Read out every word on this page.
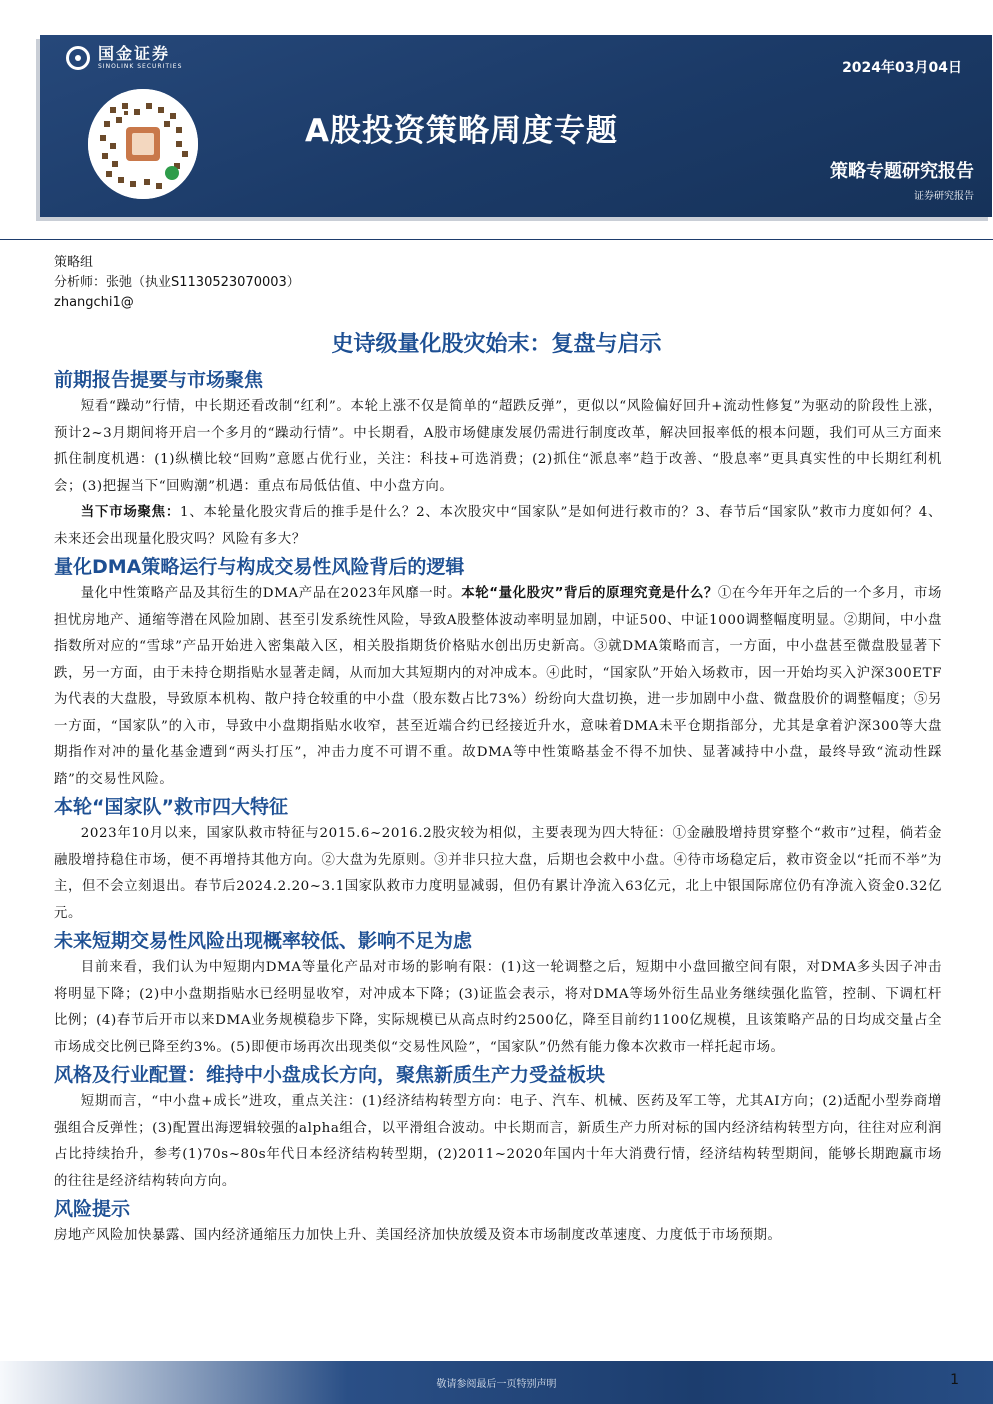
国金证券
SINOLINK SECURITIES	2024年03月04日
A股投资策略周度专题
策略专题研究报告
证券研究报告
策略组
分析师：张弛（执业S1130523070003）
zhangchi1@
史诗级量化股灾始末：复盘与启示
前期报告提要与市场聚焦
短看“躁动”行情，中长期还看改制“红利”。本轮上涨不仅是简单的“超跌反弹”，更似以“风险偏好回升+流动性修复”为驱动的阶段性上涨，预计2~3月期间将开启一个多月的“躁动行情”。中长期看，A股市场健康发展仍需进行制度改革，解决回报率低的根本问题，我们可从三方面来抓住制度机遇：(1)纵横比较“回购”意愿占优行业，关注：科技+可选消费；(2)抓住“派息率”趋于改善、“股息率”更具真实性的中长期红利机会；(3)把握当下“回购潮”机遇：重点布局低估值、中小盘方向。
当下市场聚焦：1、本轮量化股灾背后的推手是什么？2、本次股灾中“国家队”是如何进行救市的？3、春节后“国家队”救市力度如何？4、未来还会出现量化股灾吗？风险有多大？
量化DMA策略运行与构成交易性风险背后的逻辑
量化中性策略产品及其衍生的DMA产品在2023年风靡一时。本轮“量化股灾”背后的原理究竟是什么？①在今年开年之后的一个多月，市场担忧房地产、通缩等潜在风险加剧、甚至引发系统性风险，导致A股整体波动率明显加剧，中证500、中证1000调整幅度明显。②期间，中小盘指数所对应的“雪球”产品开始进入密集敲入区，相关股指期货价格贴水创出历史新高。③就DMA策略而言，一方面，中小盘甚至微盘股显著下跌，另一方面，由于未持仓期指贴水显著走阔，从而加大其短期内的对冲成本。④此时，“国家队”开始入场救市，因一开始均买入沪深300ETF为代表的大盘股，导致原本机构、散户持仓较重的中小盘（股东数占比73%）纷纷向大盘切换，进一步加剧中小盘、微盘股价的调整幅度；⑤另一方面，“国家队”的入市，导致中小盘期指贴水收窄，甚至近端合约已经接近升水，意味着DMA未平仓期指部分，尤其是拿着沪深300等大盘期指作对冲的量化基金遭到“两头打压”，冲击力度不可谓不重。故DMA等中性策略基金不得不加快、显著减持中小盘，最终导致“流动性踩踏”的交易性风险。
本轮“国家队”救市四大特征
2023年10月以来，国家队救市特征与2015.6~2016.2股灾较为相似，主要表现为四大特征：①金融股增持贯穿整个“救市”过程，倘若金融股增持稳住市场，便不再增持其他方向。②大盘为先原则。③并非只拉大盘，后期也会救中小盘。④待市场稳定后，救市资金以“托而不举”为主，但不会立刻退出。春节后2024.2.20~3.1国家队救市力度明显减弱，但仍有累计净流入63亿元，北上中银国际席位仍有净流入资金0.32亿元。
未来短期交易性风险出现概率较低、影响不足为虑
目前来看，我们认为中短期内DMA等量化产品对市场的影响有限：(1)这一轮调整之后，短期中小盘回撤空间有限，对DMA多头因子冲击将明显下降；(2)中小盘期指贴水已经明显收窄，对冲成本下降；(3)证监会表示，将对DMA等场外衍生品业务继续强化监管，控制、下调杠杆比例；(4)春节后开市以来DMA业务规模稳步下降，实际规模已从高点时约2500亿，降至目前约1100亿规模，且该策略产品的日均成交量占全市场成交比例已降至约3%。(5)即便市场再次出现类似“交易性风险”，“国家队”仍然有能力像本次救市一样托起市场。
风格及行业配置：维持中小盘成长方向，聚焦新质生产力受益板块
短期而言，“中小盘+成长”进攻，重点关注：(1)经济结构转型方向：电子、汽车、机械、医药及军工等，尤其AI方向；(2)适配小型券商增强组合反弹性；(3)配置出海逻辑较强的alpha组合，以平滑组合波动。中长期而言，新质生产力所对标的国内经济结构转型方向，往往对应利润占比持续抬升，参考(1)70s~80s年代日本经济结构转型期，(2)2011~2020年国内十年大消费行情，经济结构转型期间，能够长期跑赢市场的往往是经济结构转向方向。
风险提示
房地产风险加快暴露、国内经济通缩压力加快上升、美国经济加快放缓及资本市场制度改革速度、力度低于市场预期。
敬请参阅最后一页特别声明	1
